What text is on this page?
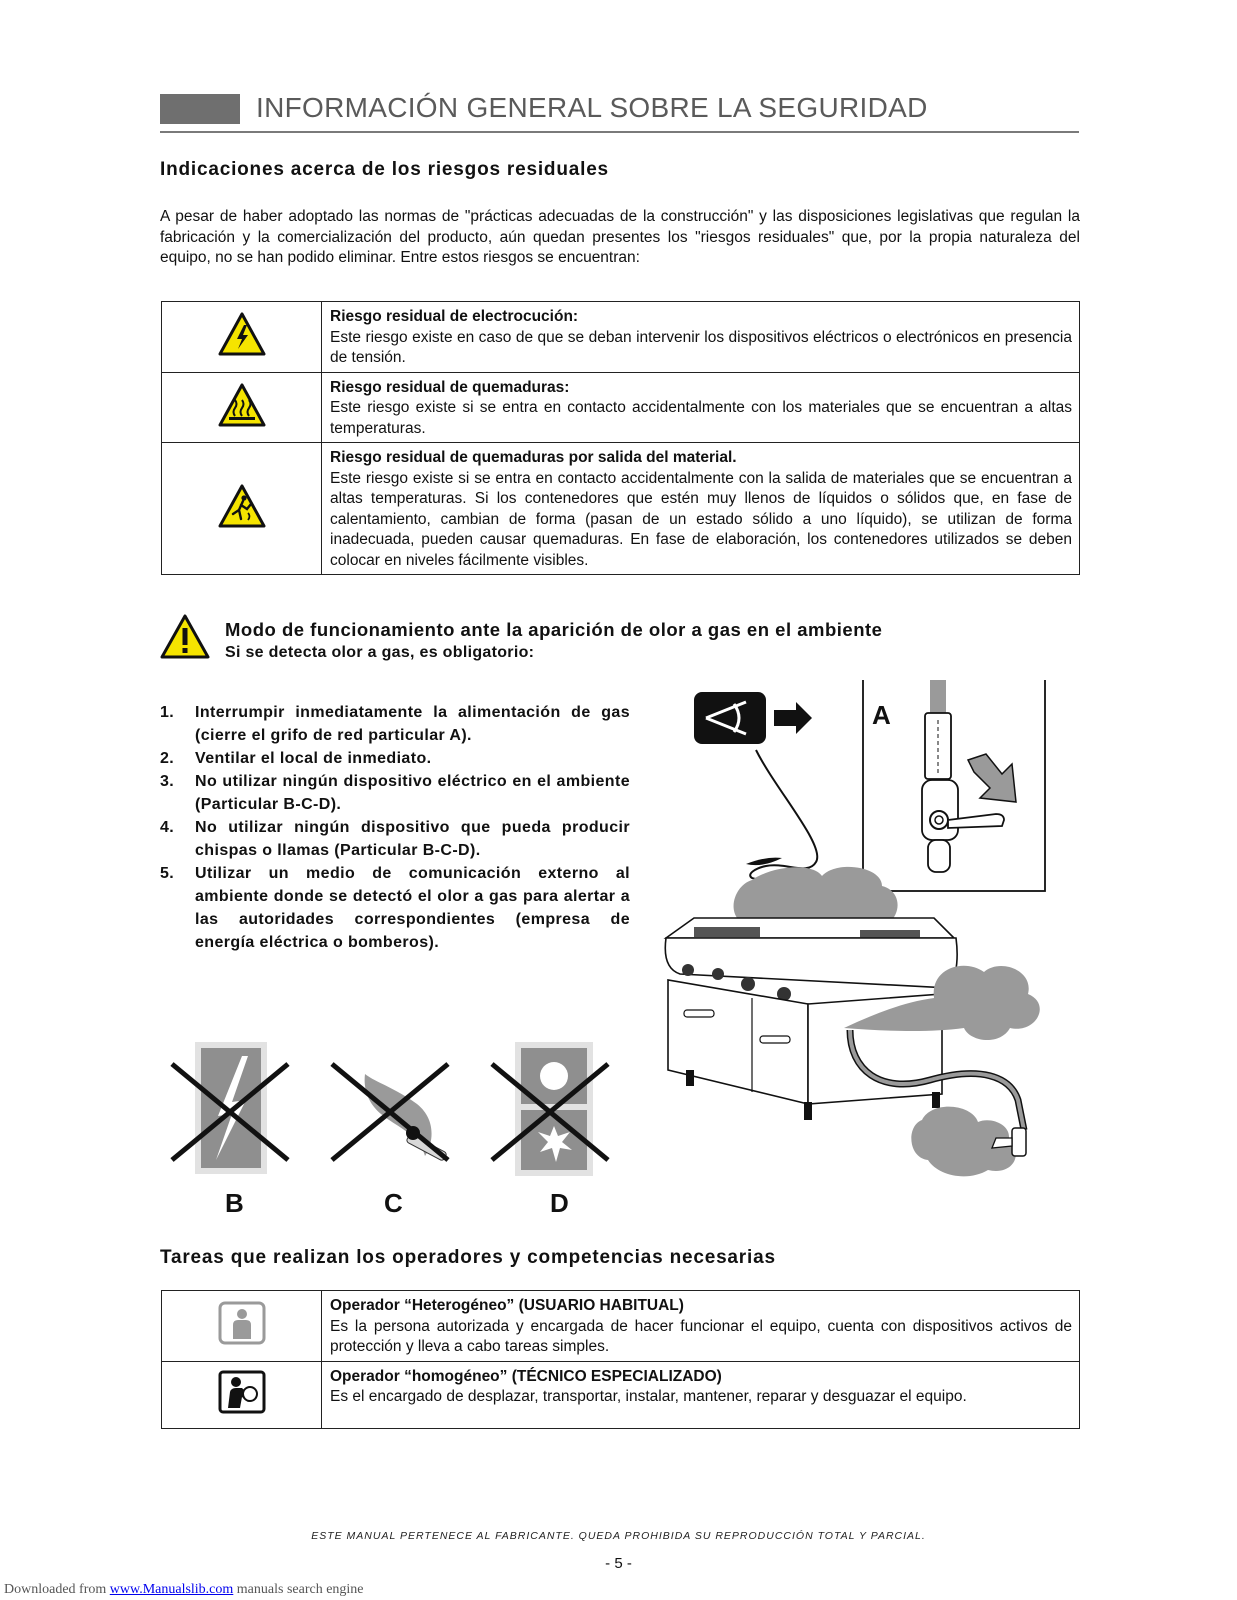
INFORMACIÓN GENERAL SOBRE LA SEGURIDAD
Indicaciones acerca de los riesgos residuales
A pesar de haber adoptado las normas de "prácticas adecuadas de la construcción" y las disposiciones legislativas que regulan la fabricación y la comercialización del producto, aún quedan presentes los "riesgos residuales" que, por la propia naturaleza del equipo, no se han podido eliminar. Entre estos riesgos se encuentran:

Riesgo residual de electrocución:
Este riesgo existe en caso de que se deban intervenir los dispositivos eléctricos o electrónicos en presencia de tensión.

Riesgo residual de quemaduras:
Este riesgo existe si se entra en contacto accidentalmente con los materiales que se encuentran a altas temperaturas.

Riesgo residual de quemaduras por salida del material.
Este riesgo existe si se entra en contacto accidentalmente con la salida de materiales que se encuentran a altas temperaturas. Si los contenedores que estén muy llenos de líquidos o sólidos que, en fase de calentamiento, cambian de forma (pasan de un estado sólido a uno líquido), se utilizan de forma inadecuada, pueden causar quemaduras. En fase de elaboración, los contenedores utilizados se deben colocar en niveles fácilmente visibles.
Modo de funcionamiento ante la aparición de olor a gas en el ambiente
Si se detecta olor a gas, es obligatorio:
1. Interrumpir inmediatamente la alimentación de gas (cierre el grifo de red particular A).
2. Ventilar el local de inmediato.
3. No utilizar ningún dispositivo eléctrico en el ambiente (Particular B-C-D).
4. No utilizar ningún dispositivo que pueda producir chispas o llamas (Particular B-C-D).
5. Utilizar un medio de comunicación externo al ambiente donde se detectó el olor a gas para alertar a las autoridades correspondientes (empresa de energía eléctrica o bomberos).
B	C	D
A
Tareas que realizan los operadores y competencias necesarias

Operador “Heterogéneo” (USUARIO HABITUAL)
Es la persona autorizada y encargada de hacer funcionar el equipo, cuenta con dispositivos activos de protección y lleva a cabo tareas simples.

Operador “homogéneo” (TÉCNICO ESPECIALIZADO)
Es el encargado de desplazar, transportar, instalar, mantener, reparar y desguazar el equipo.
ESTE MANUAL PERTENECE AL FABRICANTE. QUEDA PROHIBIDA SU REPRODUCCIÓN TOTAL Y PARCIAL.
- 5 -
Downloaded from www.Manualslib.com manuals search engine
